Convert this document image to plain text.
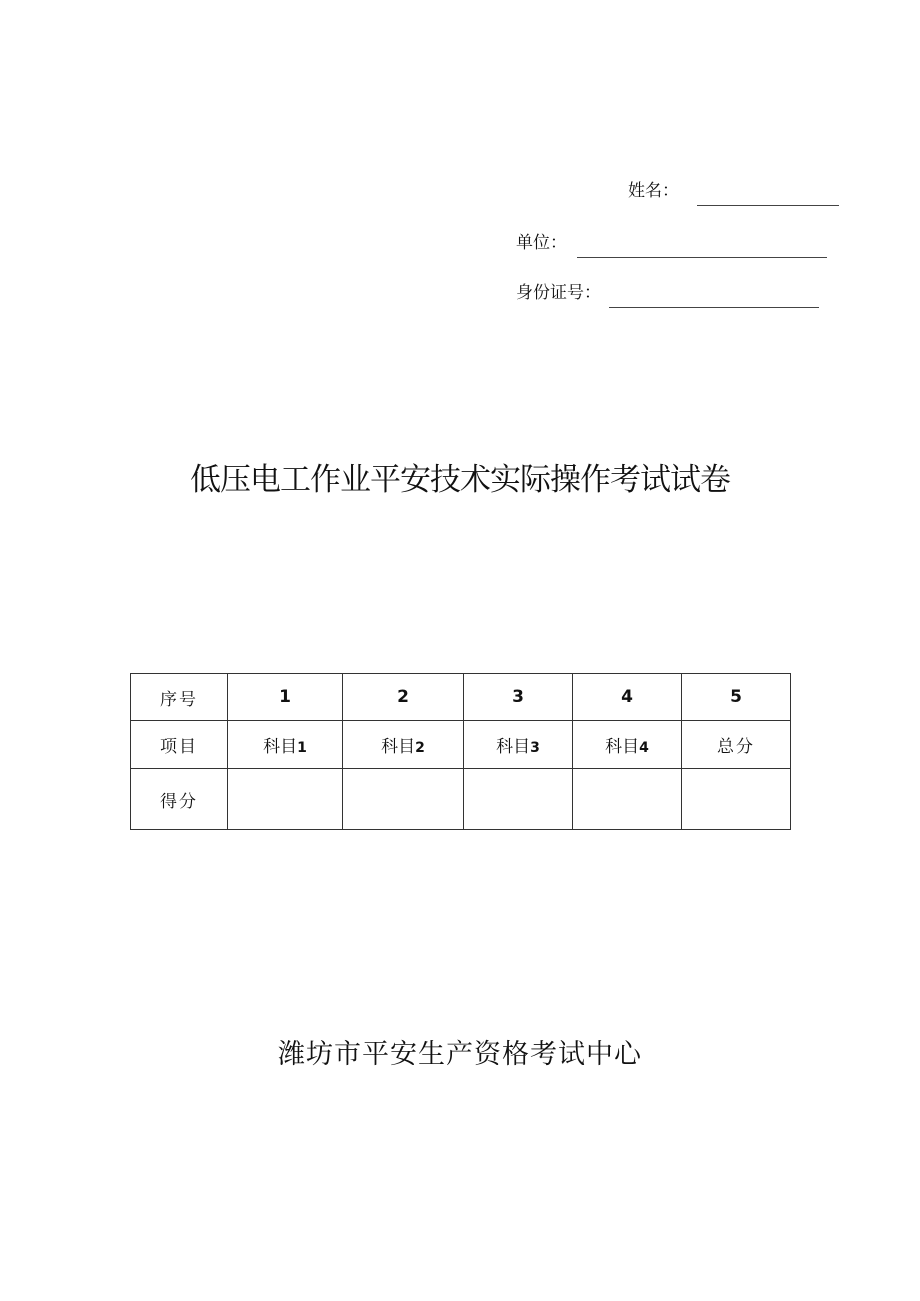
姓名：
单位：
身份证号：
低压电工作业平安技术实际操作考试试卷
序号	1	2	3	4	5
项目	科目1	科目2	科目3	科目4	总分
得分					
潍坊市平安生产资格考试中心
